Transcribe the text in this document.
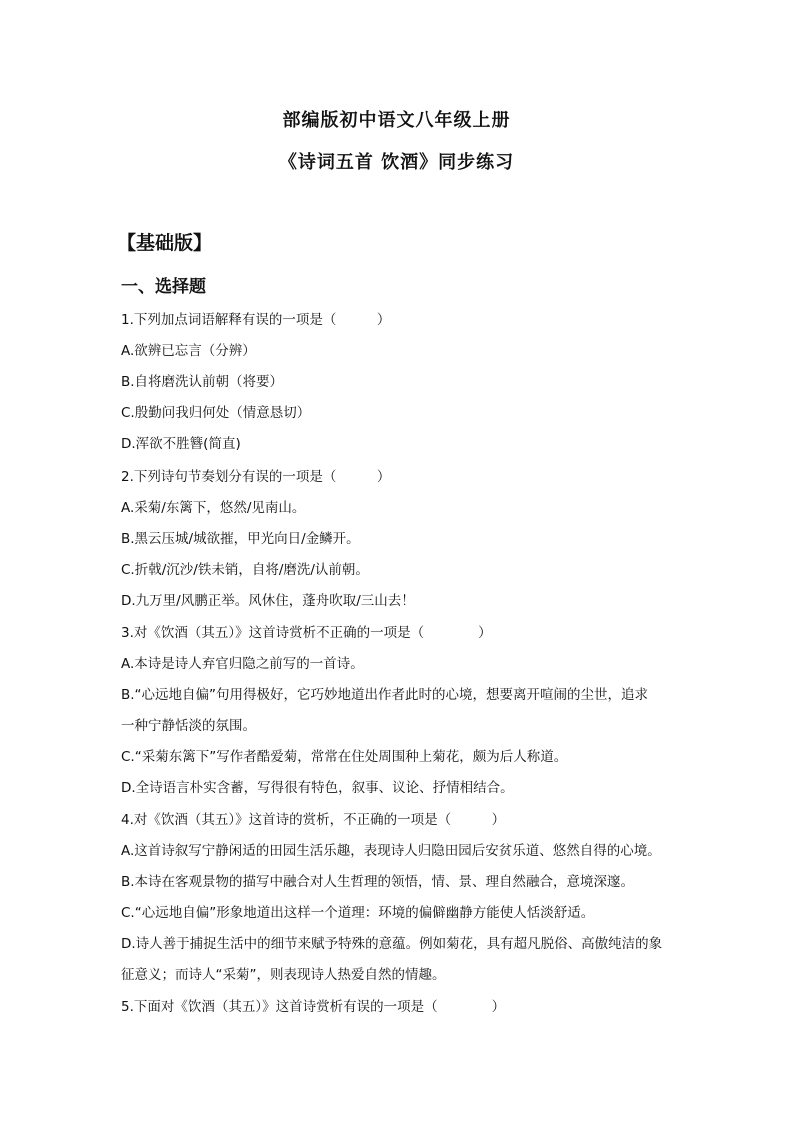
部编版初中语文八年级上册
《诗词五首 饮酒》同步练习
【基础版】
一、选择题
1.下列加点词语解释有误的一项是（　　　）
A.欲辨已忘言（分辨）
B.自将磨洗认前朝（将要）
C.殷勤问我归何处（情意恳切）
D.浑欲不胜簪(简直)
2.下列诗句节奏划分有误的一项是（　　　）
A.采菊/东篱下，悠然/见南山。
B.黑云压城/城欲摧，甲光向日/金鳞开。
C.折戟/沉沙/铁未销，自将/磨洗/认前朝。
D.九万里/风鹏正举。风休住，蓬舟吹取/三山去！
3.对《饮酒（其五）》这首诗赏析不正确的一项是（　　　　）
A.本诗是诗人弃官归隐之前写的一首诗。
B.“心远地自偏”句用得极好，它巧妙地道出作者此时的心境，想要离开喧闹的尘世，追求
一种宁静恬淡的氛围。
C.“采菊东篱下”写作者酷爱菊，常常在住处周围种上菊花，颇为后人称道。
D.全诗语言朴实含蓄，写得很有特色，叙事、议论、抒情相结合。
4.对《饮酒（其五）》这首诗的赏析，不正确的一项是（　　　）
A.这首诗叙写宁静闲适的田园生活乐趣，表现诗人归隐田园后安贫乐道、悠然自得的心境。
B.本诗在客观景物的描写中融合对人生哲理的领悟，情、景、理自然融合，意境深邃。
C.“心远地自偏”形象地道出这样一个道理：环境的偏僻幽静方能使人恬淡舒适。
D.诗人善于捕捉生活中的细节来赋予特殊的意蕴。例如菊花，具有超凡脱俗、高傲纯洁的象
征意义；而诗人“采菊”，则表现诗人热爱自然的情趣。
5.下面对《饮酒（其五）》这首诗赏析有误的一项是（　　　　）
